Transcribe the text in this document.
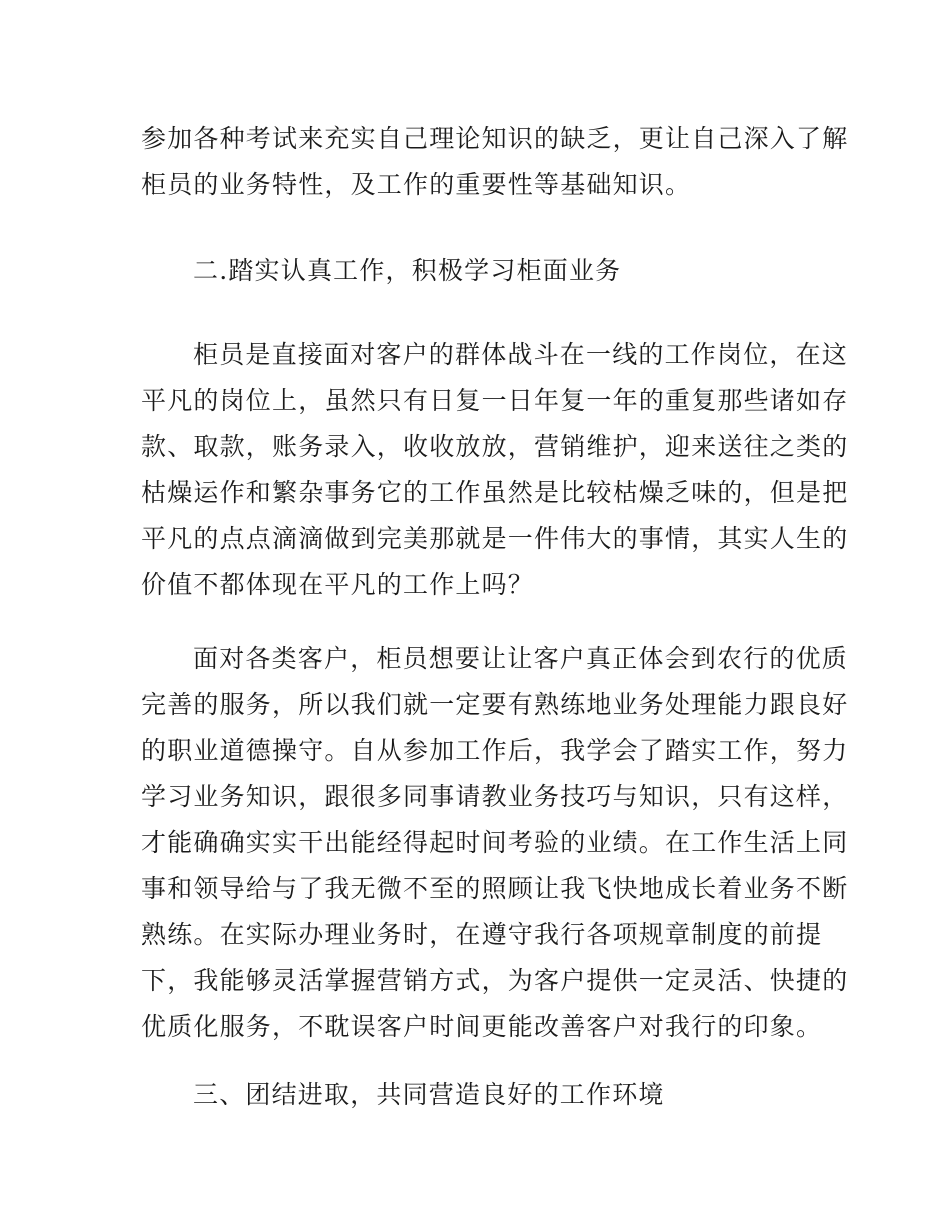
参加各种考试来充实自己理论知识的缺乏，更让自己深入了解
柜员的业务特性，及工作的重要性等基础知识。

二.踏实认真工作，积极学习柜面业务

柜员是直接面对客户的群体战斗在一线的工作岗位，在这
平凡的岗位上，虽然只有日复一日年复一年的重复那些诸如存
款、取款，账务录入，收收放放，营销维护，迎来送往之类的
枯燥运作和繁杂事务它的工作虽然是比较枯燥乏味的，但是把
平凡的点点滴滴做到完美那就是一件伟大的事情，其实人生的
价值不都体现在平凡的工作上吗？

面对各类客户，柜员想要让让客户真正体会到农行的优质
完善的服务，所以我们就一定要有熟练地业务处理能力跟良好
的职业道德操守。自从参加工作后，我学会了踏实工作，努力
学习业务知识，跟很多同事请教业务技巧与知识，只有这样，
才能确确实实干出能经得起时间考验的业绩。在工作生活上同
事和领导给与了我无微不至的照顾让我飞快地成长着业务不断
熟练。在实际办理业务时，在遵守我行各项规章制度的前提
下，我能够灵活掌握营销方式，为客户提供一定灵活、快捷的
优质化服务，不耽误客户时间更能改善客户对我行的印象。

三、团结进取，共同营造良好的工作环境
